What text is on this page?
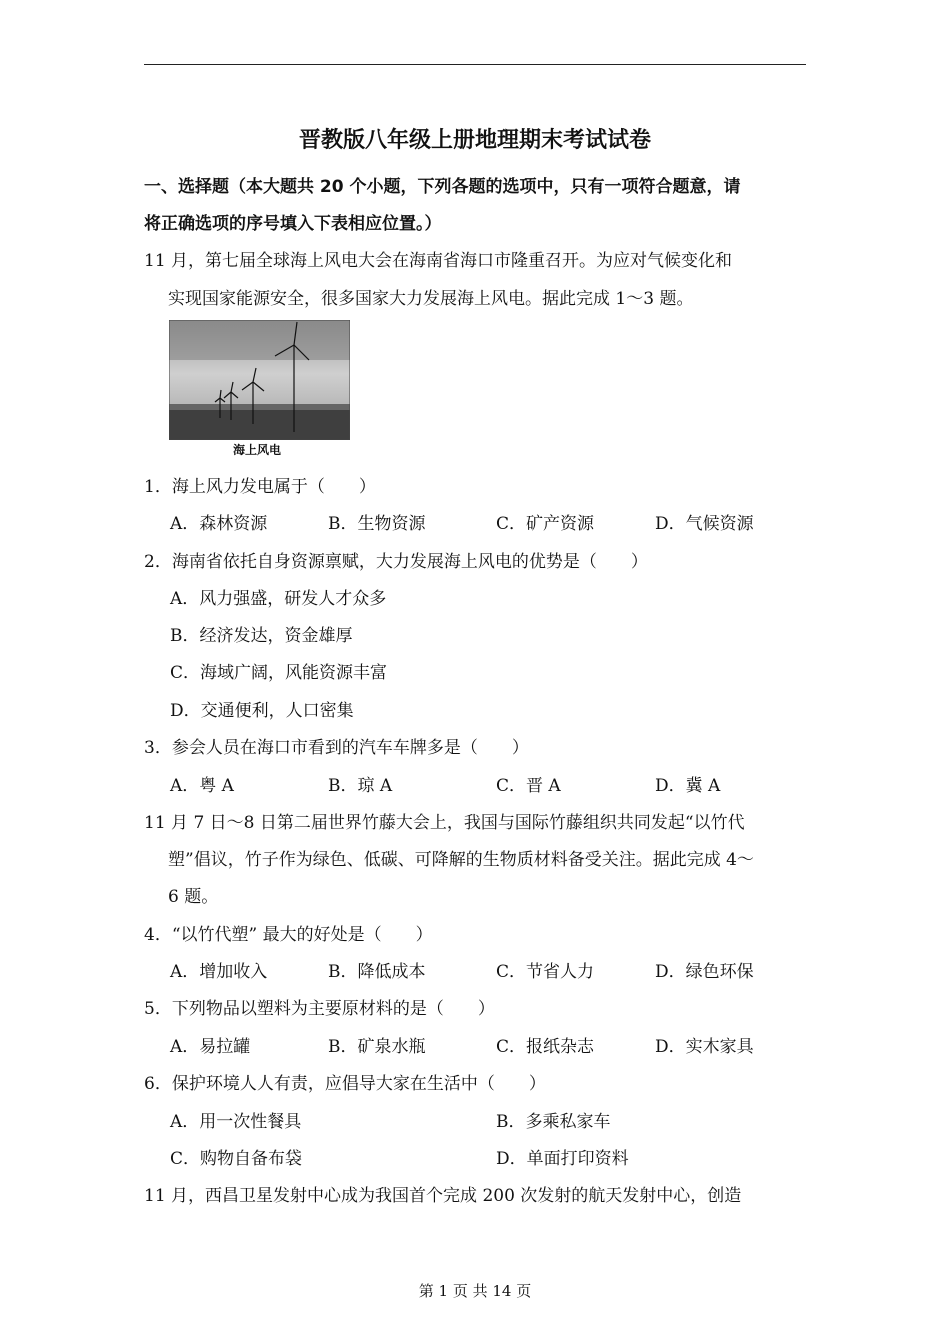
晋教版八年级上册地理期末考试试卷
一、选择题（本大题共 20 个小题，下列各题的选项中，只有一项符合题意，请
将正确选项的序号填入下表相应位置。）
11 月，第七届全球海上风电大会在海南省海口市隆重召开。为应对气候变化和
实现国家能源安全，很多国家大力发展海上风电。据此完成 1～3 题。
海上风电
1．海上风力发电属于（　　）
A．森林资源	B．生物资源	C．矿产资源	D．气候资源
2．海南省依托自身资源禀赋，大力发展海上风电的优势是（　　）
A．风力强盛，研发人才众多
B．经济发达，资金雄厚
C．海域广阔，风能资源丰富
D．交通便利，人口密集
3．参会人员在海口市看到的汽车车牌多是（　　）
A．粤 A	B．琼 A	C．晋 A	D．冀 A
11 月 7 日～8 日第二届世界竹藤大会上，我国与国际竹藤组织共同发起“以竹代
塑”倡议，竹子作为绿色、低碳、可降解的生物质材料备受关注。据此完成 4～
6 题。
4．“以竹代塑” 最大的好处是（　　）
A．增加收入	B．降低成本	C．节省人力	D．绿色环保
5．下列物品以塑料为主要原材料的是（　　）
A．易拉罐	B．矿泉水瓶	C．报纸杂志	D．实木家具
6．保护环境人人有责，应倡导大家在生活中（　　）
A．用一次性餐具	B．多乘私家车
C．购物自备布袋	D．单面打印资料
11 月，西昌卫星发射中心成为我国首个完成 200 次发射的航天发射中心，创造
第 1 页 共 14 页
